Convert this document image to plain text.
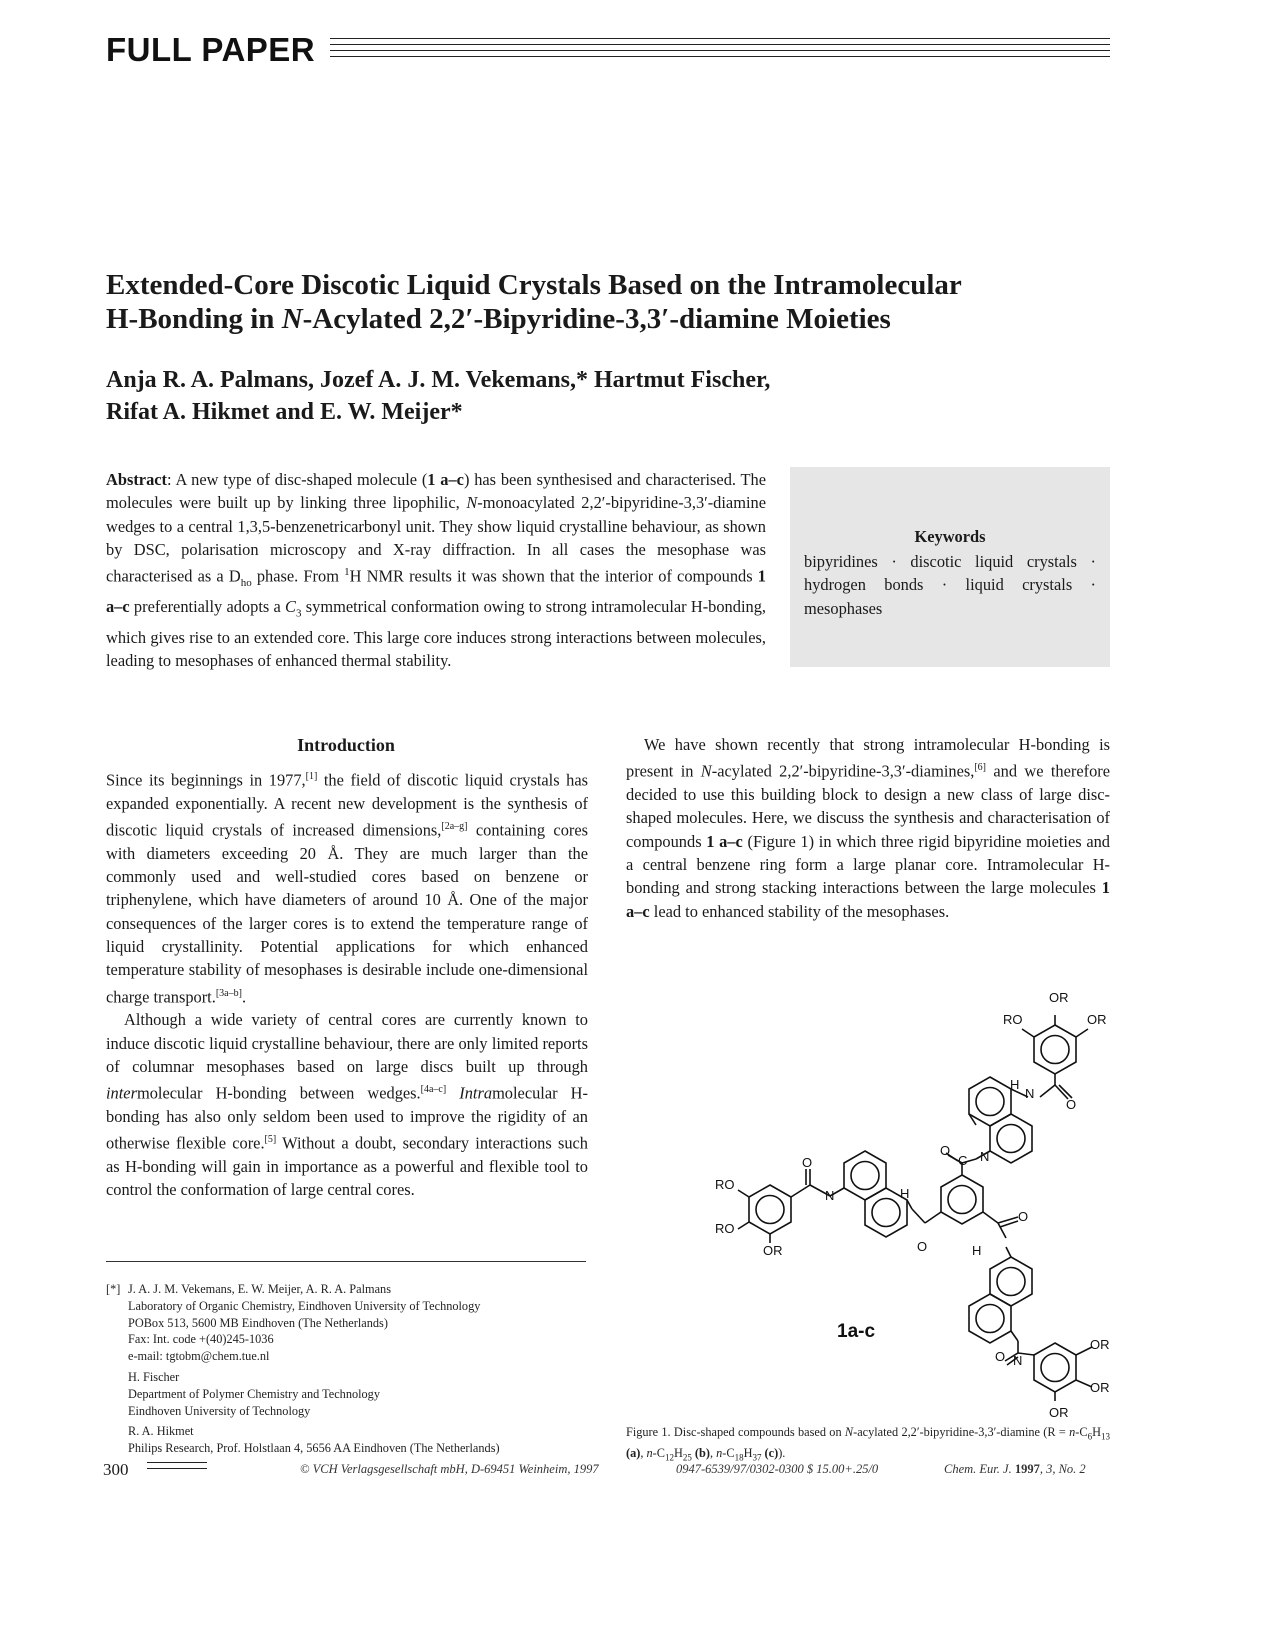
FULL PAPER
Extended-Core Discotic Liquid Crystals Based on the Intramolecular
H-Bonding in N-Acylated 2,2′-Bipyridine-3,3′-diamine Moieties
Anja R. A. Palmans, Jozef A. J. M. Vekemans,* Hartmut Fischer,
Rifat A. Hikmet and E. W. Meijer*
Abstract: A new type of disc-shaped molecule (1 a–c) has been synthesised and characterised. The molecules were built up by linking three lipophilic, N-monoacylated 2,2′-bipyridine-3,3′-diamine wedges to a central 1,3,5-benzenetricarbonyl unit. They show liquid crystalline behaviour, as shown by DSC, polarisation microscopy and X-ray diffraction. In all cases the mesophase was characterised as a $D_{ho}$ phase. From $^1$H NMR results it was shown that the interior of compounds 1 a–c preferentially adopts a $C_3$ symmetrical conformation owing to strong intramolecular H-bonding, which gives rise to an extended core. This large core induces strong interactions between molecules, leading to mesophases of enhanced thermal stability.
Keywords
bipyridines · discotic liquid crystals · hydrogen bonds · liquid crystals · mesophases
Introduction

Since its beginnings in 1977,[1] the field of discotic liquid crystals has expanded exponentially. A recent new development is the synthesis of discotic liquid crystals of increased dimensions,[2a–g] containing cores with diameters exceeding 20 Å. They are much larger than the commonly used and well-studied cores based on benzene or triphenylene, which have diameters of around 10 Å. One of the major consequences of the larger cores is to extend the temperature range of liquid crystallinity. Potential applications for which enhanced temperature stability of mesophases is desirable include one-dimensional charge transport.[3a–b].

Although a wide variety of central cores are currently known to induce discotic liquid crystalline behaviour, there are only limited reports of columnar mesophases based on large discs built up through intermolecular H-bonding between wedges.[4a–c] Intramolecular H-bonding has also only seldom been used to improve the rigidity of an otherwise flexible core.[5] Without a doubt, secondary interactions such as H-bonding will gain in importance as a powerful and flexible tool to control the conformation of large central cores.

We have shown recently that strong intramolecular H-bonding is present in N-acylated 2,2′-bipyridine-3,3′-diamines,[6] and we therefore decided to use this building block to design a new class of large disc-shaped molecules. Here, we discuss the synthesis and characterisation of compounds 1 a–c (Figure 1) in which three rigid bipyridine moieties and a central benzene ring form a large planar core. Intramolecular H-bonding and strong stacking interactions between the large molecules 1 a–c lead to enhanced stability of the mesophases.

[*] J. A. J. M. Vekemans, E. W. Meijer, A. R. A. Palmans
Laboratory of Organic Chemistry, Eindhoven University of Technology
POBox 513, 5600 MB Eindhoven (The Netherlands)
Fax: Int. code +(40)245-1036
e-mail: tgtobm@chem.tue.nl
H. Fischer
Department of Polymer Chemistry and Technology
Eindhoven University of Technology
R. A. Hikmet
Philips Research, Prof. Holstlaan 4, 5656 AA Eindhoven (The Netherlands)
OR
RO	OR
O
N
H
O
C N
O
RO
RO
OR
N	H
O
O
H
N
O
OR
OR
OR
1a-c
Figure 1. Disc-shaped compounds based on N-acylated 2,2′-bipyridine-3,3′-diamine ($R = n-C_6H_{13}$ (a), $n-C_{12}H_{25}$ (b), $n-C_{18}H_{37}$ (c)).
300	© VCH Verlagsgesellschaft mbH, D-69451 Weinheim, 1997	0947-6539/97/0302-0300 $ 15.00+.25/0	Chem. Eur. J. 1997, 3, No. 2
